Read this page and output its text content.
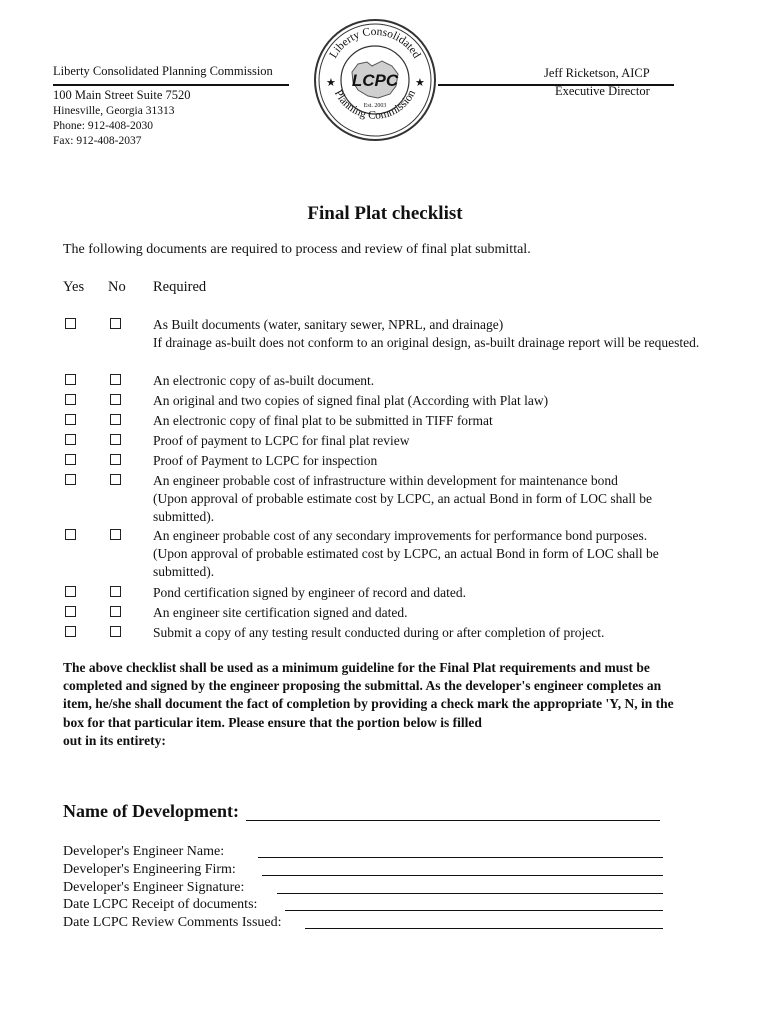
Liberty Consolidated Planning Commission
100 Main Street Suite 7520
Hinesville, Georgia 31313
Phone: 912-408-2030
Fax: 912-408-2037
Jeff Ricketson, AICP
Executive Director
LCPC
Est. 2003
Liberty Consolidated
Planning Commission
★	★
Final Plat checklist
The following documents are required to process and review of final plat submittal.
Yes No Required
As Built documents (water, sanitary sewer, NPRL, and drainage)
If drainage as-built does not conform to an original design, as-built drainage report will be requested.
An electronic copy of as-built document.
An original and two copies of signed final plat (According with Plat law)
An electronic copy of final plat to be submitted in TIFF format
Proof of payment to LCPC for final plat review
Proof of Payment to LCPC for inspection
An engineer probable cost of infrastructure within development for maintenance bond
(Upon approval of probable estimate cost by LCPC, an actual Bond in form of LOC shall be submitted).
An engineer probable cost of any secondary improvements for performance bond purposes.
(Upon approval of probable estimated cost by LCPC, an actual Bond in form of LOC shall be submitted).
Pond certification signed by engineer of record and dated.
An engineer site certification signed and dated.
Submit a copy of any testing result conducted during or after completion of project.
The above checklist shall be used as a minimum guideline for the Final Plat requirements and must be completed and signed by the engineer proposing the submittal. As the developer's engineer completes an item, he/she shall document the fact of completion by providing a check mark the appropriate 'Y, N, in the box for that particular item. Please ensure that the portion below is filled
out in its entirety:
Name of Development:
Developer's Engineer Name:
Developer's Engineering Firm:
Developer's Engineer Signature:
Date LCPC Receipt of documents:
Date LCPC Review Comments Issued:
